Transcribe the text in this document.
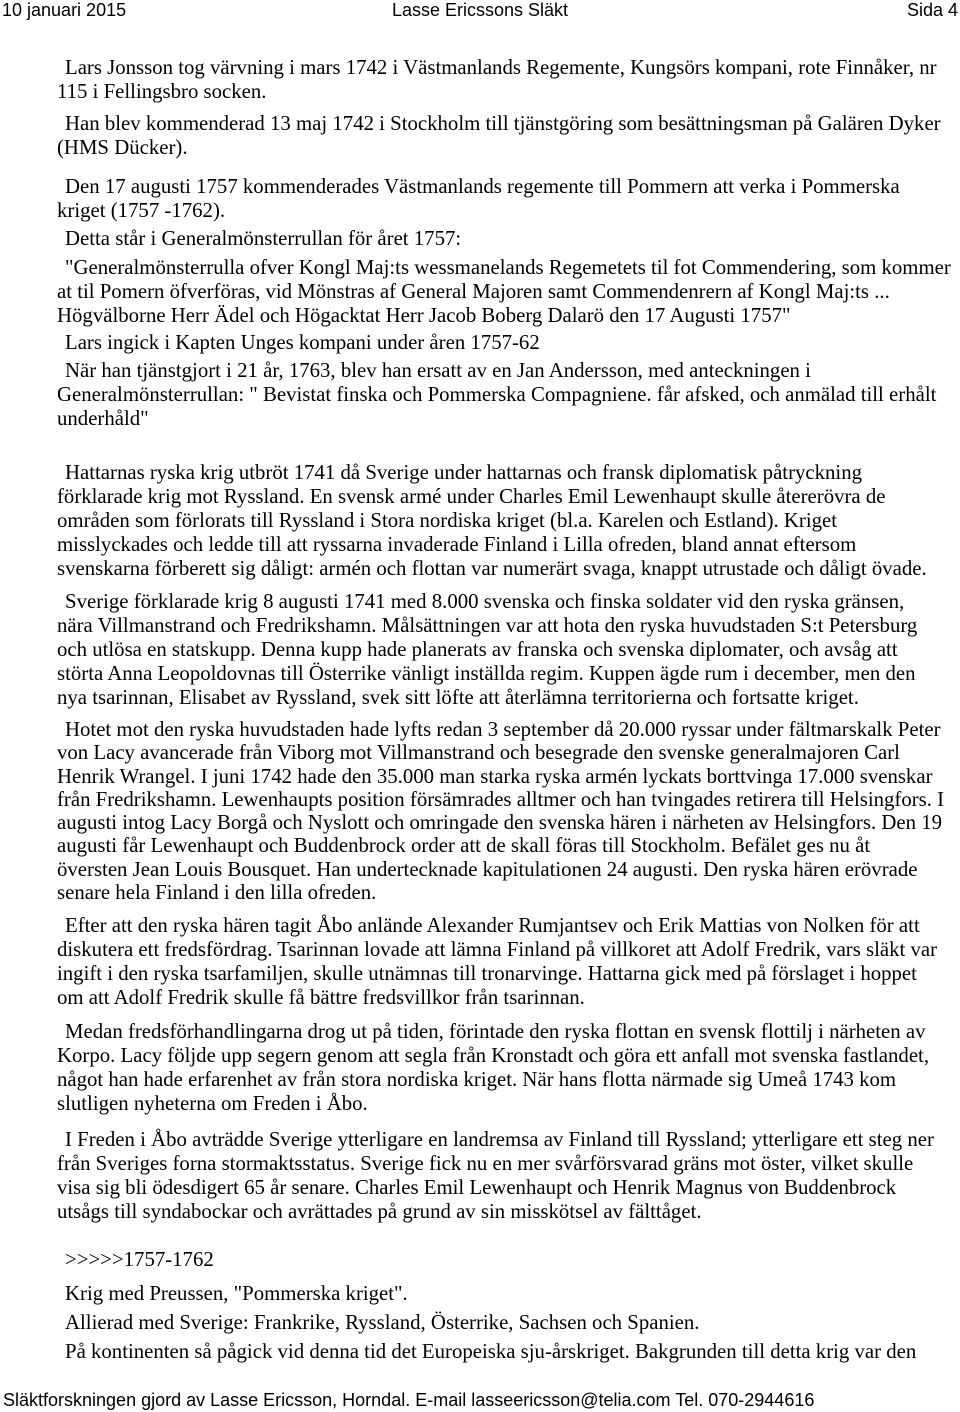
10 januari 2015	Lasse Ericssons Släkt	Sida 4
Lars Jonsson tog värvning i mars 1742 i Västmanlands Regemente, Kungsörs kompani, rote Finnåker, nr
115 i Fellingsbro socken.
Han blev kommenderad 13 maj 1742 i Stockholm till tjänstgöring som besättningsman på Galären Dyker
(HMS Dücker).
Den 17 augusti 1757 kommenderades Västmanlands regemente till Pommern att verka i Pommerska
kriget (1757 -1762).
Detta står i Generalmönsterrullan för året 1757:
"Generalmönsterrulla ofver Kongl Maj:ts wessmanelands Regemetets til fot Commendering, som kommer
at til Pomern öfverföras, vid Mönstras af General Majoren samt Commendenrern af Kongl Maj:ts ...
Högvälborne Herr Ädel och Högacktat Herr Jacob Boberg Dalarö den 17 Augusti 1757"
Lars ingick i Kapten Unges kompani under åren 1757-62
När han tjänstgjort i 21 år, 1763, blev han ersatt av en Jan Andersson, med anteckningen i
Generalmönsterrullan: " Bevistat finska och Pommerska Compagniene. får afsked, och anmälad till erhålt
underhåld"
Hattarnas ryska krig utbröt 1741 då Sverige under hattarnas och fransk diplomatisk påtryckning
förklarade krig mot Ryssland. En svensk armé under Charles Emil Lewenhaupt skulle återerövra de
områden som förlorats till Ryssland i Stora nordiska kriget (bl.a. Karelen och Estland). Kriget
misslyckades och ledde till att ryssarna invaderade Finland i Lilla ofreden, bland annat eftersom
svenskarna förberett sig dåligt: armén och flottan var numerärt svaga, knappt utrustade och dåligt övade.
Sverige förklarade krig 8 augusti 1741 med 8.000 svenska och finska soldater vid den ryska gränsen,
nära Villmanstrand och Fredrikshamn. Målsättningen var att hota den ryska huvudstaden S:t Petersburg
och utlösa en statskupp. Denna kupp hade planerats av franska och svenska diplomater, och avsåg att
störta Anna Leopoldovnas till Österrike vänligt inställda regim. Kuppen ägde rum i december, men den
nya tsarinnan, Elisabet av Ryssland, svek sitt löfte att återlämna territorierna och fortsatte kriget.
Hotet mot den ryska huvudstaden hade lyfts redan 3 september då 20.000 ryssar under fältmarskalk Peter
von Lacy avancerade från Viborg mot Villmanstrand och besegrade den svenske generalmajoren Carl
Henrik Wrangel. I juni 1742 hade den 35.000 man starka ryska armén lyckats borttvinga 17.000 svenskar
från Fredrikshamn. Lewenhaupts position försämrades alltmer och han tvingades retirera till Helsingfors. I
augusti intog Lacy Borgå och Nyslott och omringade den svenska hären i närheten av Helsingfors. Den 19
augusti får Lewenhaupt och Buddenbrock order att de skall föras till Stockholm. Befälet ges nu åt
översten Jean Louis Bousquet. Han undertecknade kapitulationen 24 augusti. Den ryska hären erövrade
senare hela Finland i den lilla ofreden.
Efter att den ryska hären tagit Åbo anlände Alexander Rumjantsev och Erik Mattias von Nolken för att
diskutera ett fredsfördrag. Tsarinnan lovade att lämna Finland på villkoret att Adolf Fredrik, vars släkt var
ingift i den ryska tsarfamiljen, skulle utnämnas till tronarvinge. Hattarna gick med på förslaget i hoppet
om att Adolf Fredrik skulle få bättre fredsvillkor från tsarinnan.
Medan fredsförhandlingarna drog ut på tiden, förintade den ryska flottan en svensk flottilj i närheten av
Korpo. Lacy följde upp segern genom att segla från Kronstadt och göra ett anfall mot svenska fastlandet,
något han hade erfarenhet av från stora nordiska kriget. När hans flotta närmade sig Umeå 1743 kom
slutligen nyheterna om Freden i Åbo.
I Freden i Åbo avträdde Sverige ytterligare en landremsa av Finland till Ryssland; ytterligare ett steg ner
från Sveriges forna stormaktsstatus. Sverige fick nu en mer svårförsvarad gräns mot öster, vilket skulle
visa sig bli ödesdigert 65 år senare. Charles Emil Lewenhaupt och Henrik Magnus von Buddenbrock
utsågs till syndabockar och avrättades på grund av sin misskötsel av fälttåget.
>>>>>1757-1762
Krig med Preussen, "Pommerska kriget".
Allierad med Sverige: Frankrike, Ryssland, Österrike, Sachsen och Spanien.
På kontinenten så pågick vid denna tid det Europeiska sju-årskriget. Bakgrunden till detta krig var den
Släktforskningen gjord av Lasse Ericsson, Horndal. E-mail lasseericsson@telia.com Tel. 070-2944616
